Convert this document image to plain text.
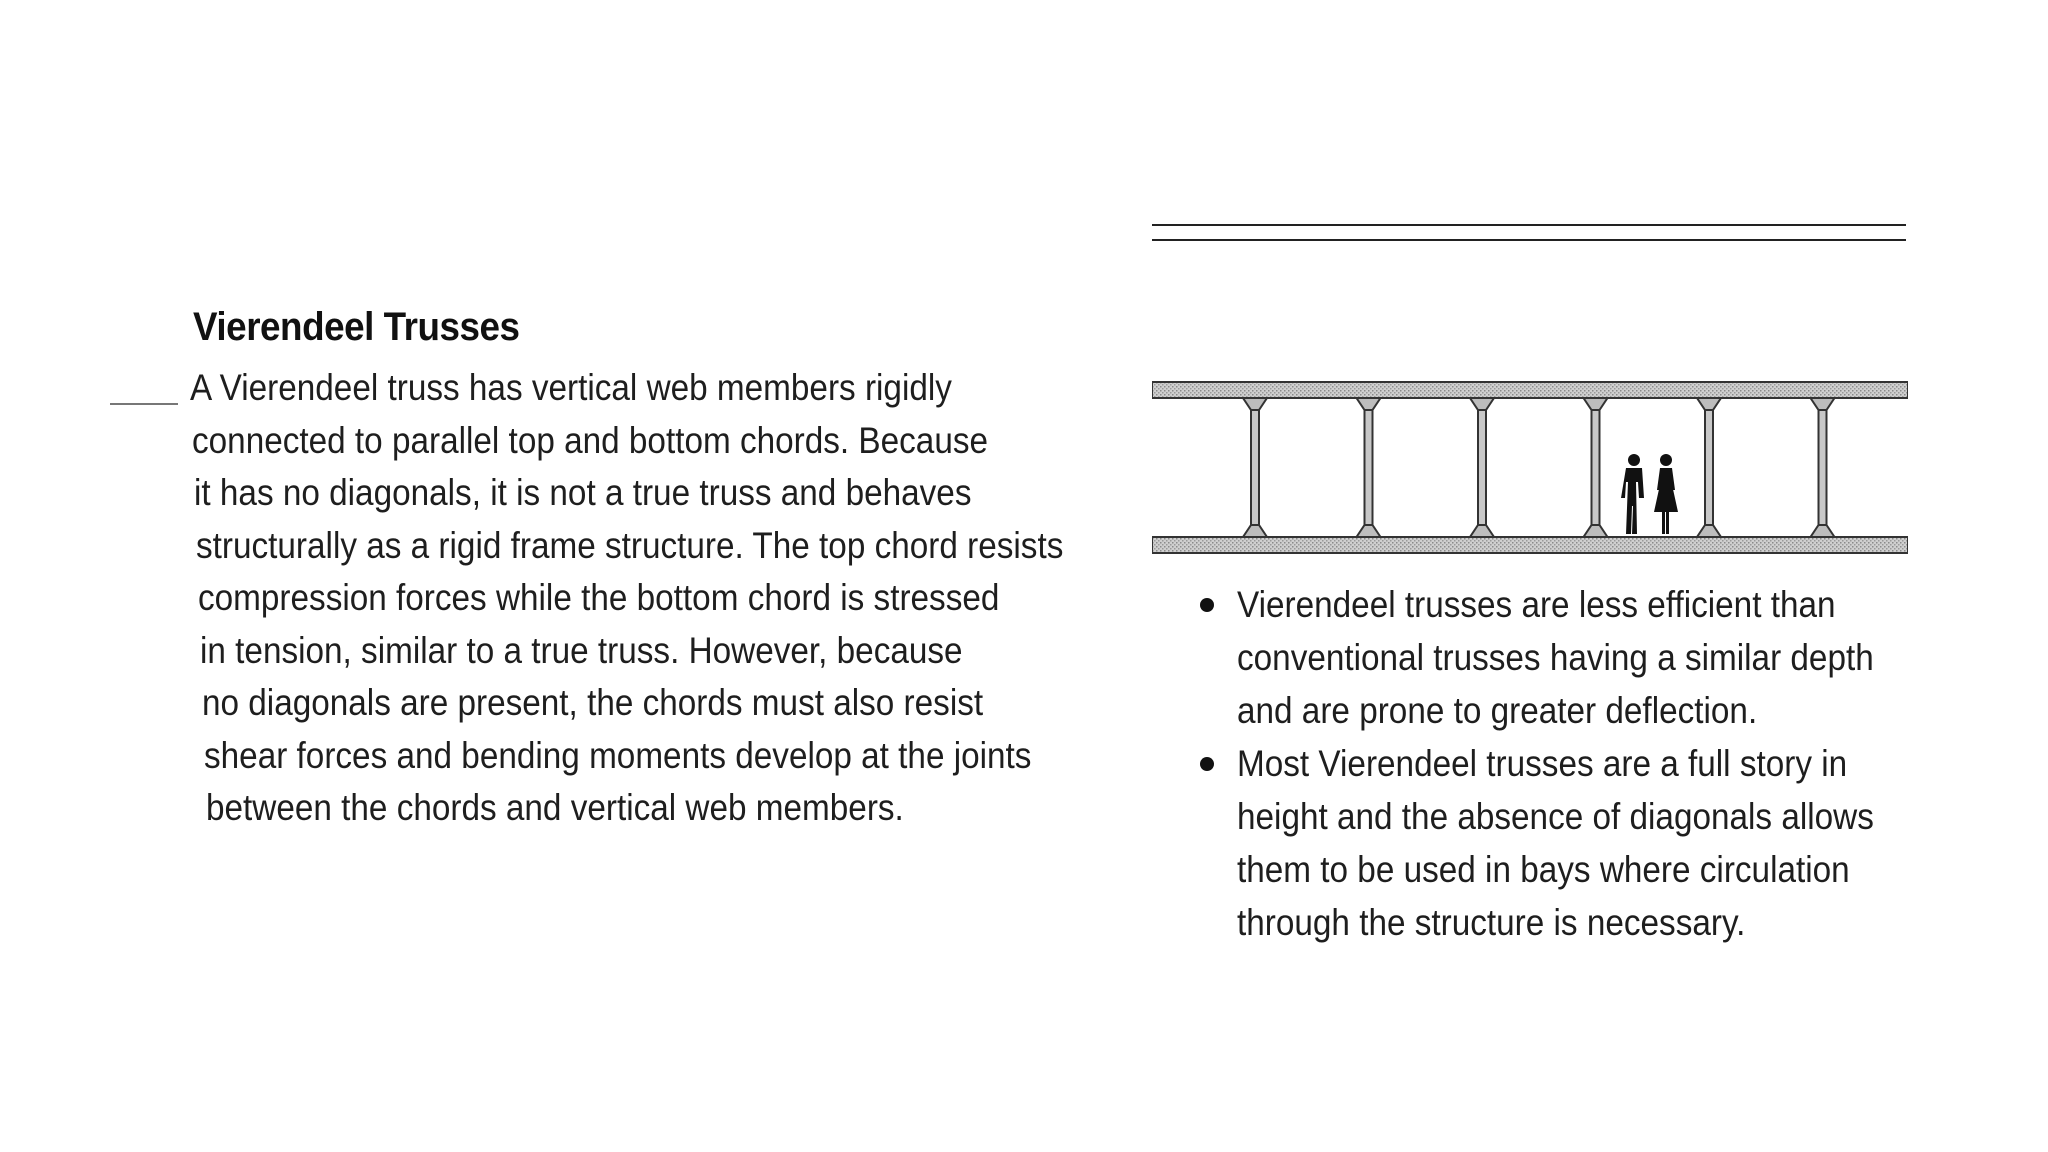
Vierendeel Trusses
A Vierendeel truss has vertical web members rigidly
connected to parallel top and bottom chords. Because
it has no diagonals, it is not a true truss and behaves
structurally as a rigid frame structure. The top chord resists
compression forces while the bottom chord is stressed
in tension, similar to a true truss. However, because
no diagonals are present, the chords must also resist
shear forces and bending moments develop at the joints
between the chords and vertical web members.
Vierendeel trusses are less efficient than
conventional trusses having a similar depth
and are prone to greater deflection.
Most Vierendeel trusses are a full story in
height and the absence of diagonals allows
them to be used in bays where circulation
through the structure is necessary.
